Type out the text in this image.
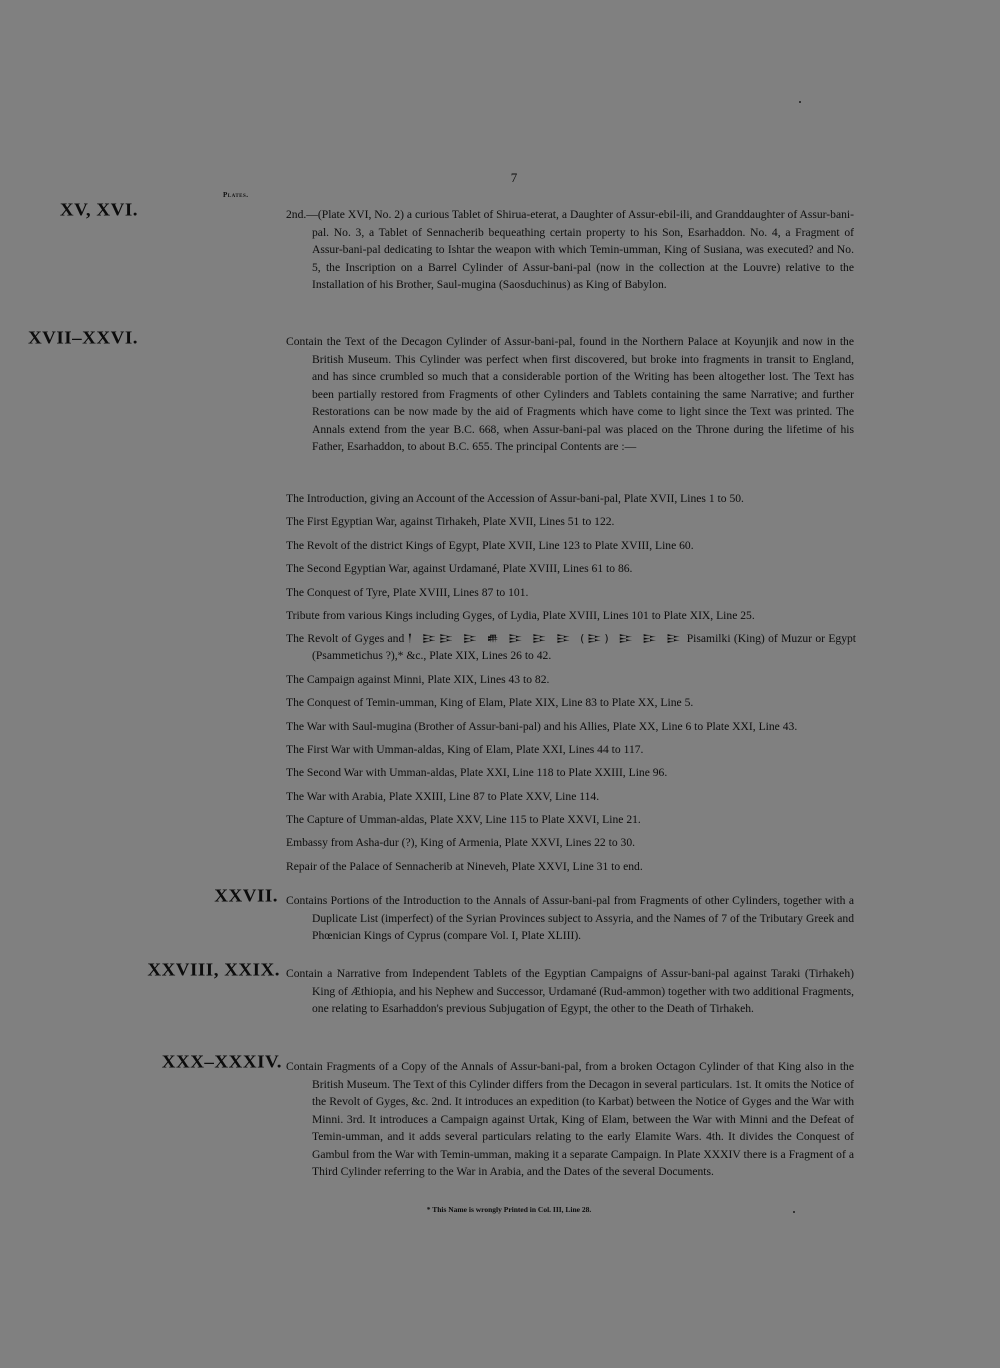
7
Plates.
XV, XVI.	2nd.—(Plate XVI, No. 2) a curious Tablet of Shirua-eterat, a Daughter of Assur-ebil-ili, and Granddaughter of Assur-bani-pal. No. 3, a Tablet of Sennacherib bequeathing certain property to his Son, Esarhaddon. No. 4, a Fragment of Assur-bani-pal dedicating to Ishtar the weapon with which Temin-umman, King of Susiana, was executed? and No. 5, the Inscription on a Barrel Cylinder of Assur-bani-pal (now in the collection at the Louvre) relative to the Installation of his Brother, Saul-mugina (Saosduchinus) as King of Babylon.
XVII–XXVI.	Contain the Text of the Decagon Cylinder of Assur-bani-pal, found in the Northern Palace at Koyunjik and now in the British Museum. This Cylinder was perfect when first discovered, but broke into fragments in transit to England, and has since crumbled so much that a considerable portion of the Writing has been altogether lost. The Text has been partially restored from Fragments of other Cylinders and Tablets containing the same Narrative; and further Restorations can be now made by the aid of Fragments which have come to light since the Text was printed. The Annals extend from the year B.C. 668, when Assur-bani-pal was placed on the Throne during the lifetime of his Father, Esarhaddon, to about B.C. 655. The principal Contents are :—
The Introduction, giving an Account of the Accession of Assur-bani-pal, Plate XVII, Lines 1 to 50.
The First Egyptian War, against Tirhakeh, Plate XVII, Lines 51 to 122.
The Revolt of the district Kings of Egypt, Plate XVII, Line 123 to Plate XVIII, Line 60.
The Second Egyptian War, against Urdamané, Plate XVIII, Lines 61 to 86.
The Conquest of Tyre, Plate XVIII, Lines 87 to 101.
Tribute from various Kings including Gyges, of Lydia, Plate XVIII, Lines 101 to Plate XIX, Line 25.
The Revolt of Gyges and 𒁹 𒄿𒄿 𒄿 𒌑 𒄿 𒄿 𒄿 (𒄿) 𒄿 𒄿 𒄿 Pisamilki (King) of Muzur or Egypt (Psammetichus ?),* &c., Plate XIX, Lines 26 to 42.
The Campaign against Minni, Plate XIX, Lines 43 to 82.
The Conquest of Temin-umman, King of Elam, Plate XIX, Line 83 to Plate XX, Line 5.
The War with Saul-mugina (Brother of Assur-bani-pal) and his Allies, Plate XX, Line 6 to Plate XXI, Line 43.
The First War with Umman-aldas, King of Elam, Plate XXI, Lines 44 to 117.
The Second War with Umman-aldas, Plate XXI, Line 118 to Plate XXIII, Line 96.
The War with Arabia, Plate XXIII, Line 87 to Plate XXV, Line 114.
The Capture of Umman-aldas, Plate XXV, Line 115 to Plate XXVI, Line 21.
Embassy from Asha-dur (?), King of Armenia, Plate XXVI, Lines 22 to 30.
Repair of the Palace of Sennacherib at Nineveh, Plate XXVI, Line 31 to end.
XXVII. Contains Portions of the Introduction to the Annals of Assur-bani-pal from Fragments of other Cylinders, together with a Duplicate List (imperfect) of the Syrian Provinces subject to Assyria, and the Names of 7 of the Tributary Greek and Phœnician Kings of Cyprus (compare Vol. I, Plate XLIII).
XXVIII, XXIX. Contain a Narrative from Independent Tablets of the Egyptian Campaigns of Assur-bani-pal against Taraki (Tirhakeh) King of Æthiopia, and his Nephew and Successor, Urdamané (Rud-ammon) together with two additional Fragments, one relating to Esarhaddon's previous Subjugation of Egypt, the other to the Death of Tirhakeh.
XXX–XXXIV. Contain Fragments of a Copy of the Annals of Assur-bani-pal, from a broken Octagon Cylinder of that King also in the British Museum. The Text of this Cylinder differs from the Decagon in several particulars. 1st. It omits the Notice of the Revolt of Gyges, &c. 2nd. It introduces an expedition (to Karbat) between the Notice of Gyges and the War with Minni. 3rd. It introduces a Campaign against Urtak, King of Elam, between the War with Minni and the Defeat of Temin-umman, and it adds several particulars relating to the early Elamite Wars. 4th. It divides the Conquest of Gambul from the War with Temin-umman, making it a separate Campaign. In Plate XXXIV there is a Fragment of a Third Cylinder referring to the War in Arabia, and the Dates of the several Documents.
* This Name is wrongly Printed in Col. III, Line 28.
